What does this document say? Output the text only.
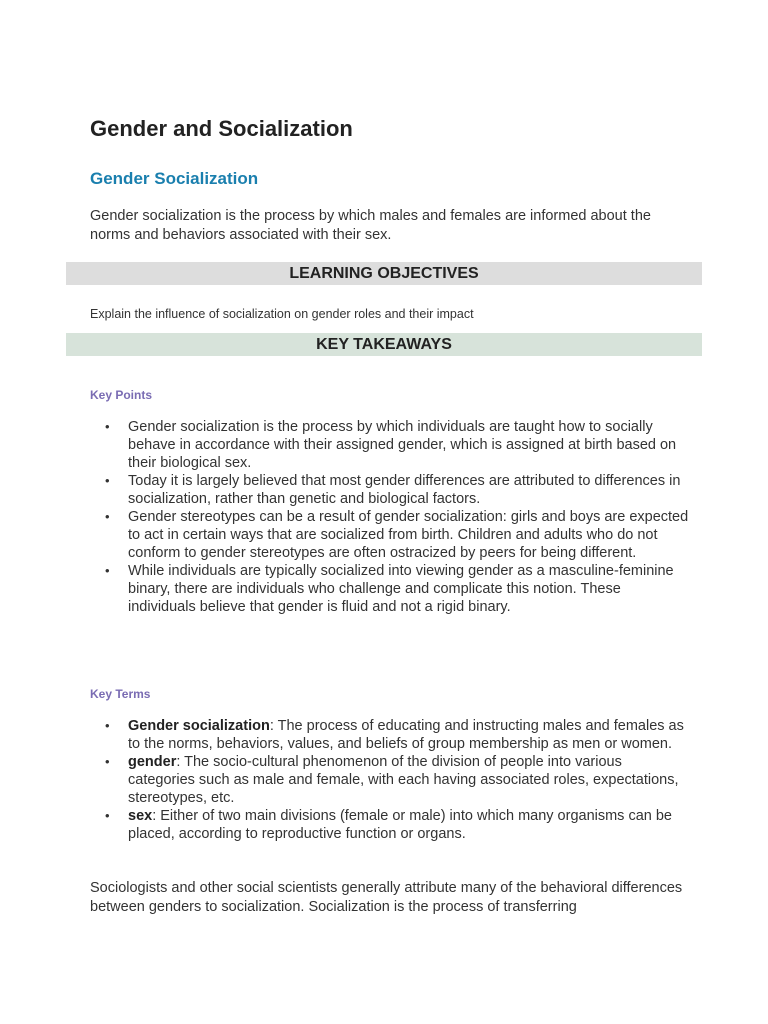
Gender and Socialization
Gender Socialization

Gender socialization is the process by which males and females are informed about the norms and behaviors associated with their sex.

LEARNING OBJECTIVES

Explain the influence of socialization on gender roles and their impact

KEY TAKEAWAYS
Key Points
• Gender socialization is the process by which individuals are taught how to socially behave in accordance with their assigned gender, which is assigned at birth based on their biological sex.
• Today it is largely believed that most gender differences are attributed to differences in socialization, rather than genetic and biological factors.
• Gender stereotypes can be a result of gender socialization: girls and boys are expected to act in certain ways that are socialized from birth. Children and adults who do not conform to gender stereotypes are often ostracized by peers for being different.
• While individuals are typically socialized into viewing gender as a masculine-feminine binary, there are individuals who challenge and complicate this notion. These individuals believe that gender is fluid and not a rigid binary.
Key Terms
• Gender socialization: The process of educating and instructing males and females as to the norms, behaviors, values, and beliefs of group membership as men or women.
• gender: The socio-cultural phenomenon of the division of people into various categories such as male and female, with each having associated roles, expectations, stereotypes, etc.
• sex: Either of two main divisions (female or male) into which many organisms can be placed, according to reproductive function or organs.

Sociologists and other social scientists generally attribute many of the behavioral differences between genders to socialization. Socialization is the process of transferring
